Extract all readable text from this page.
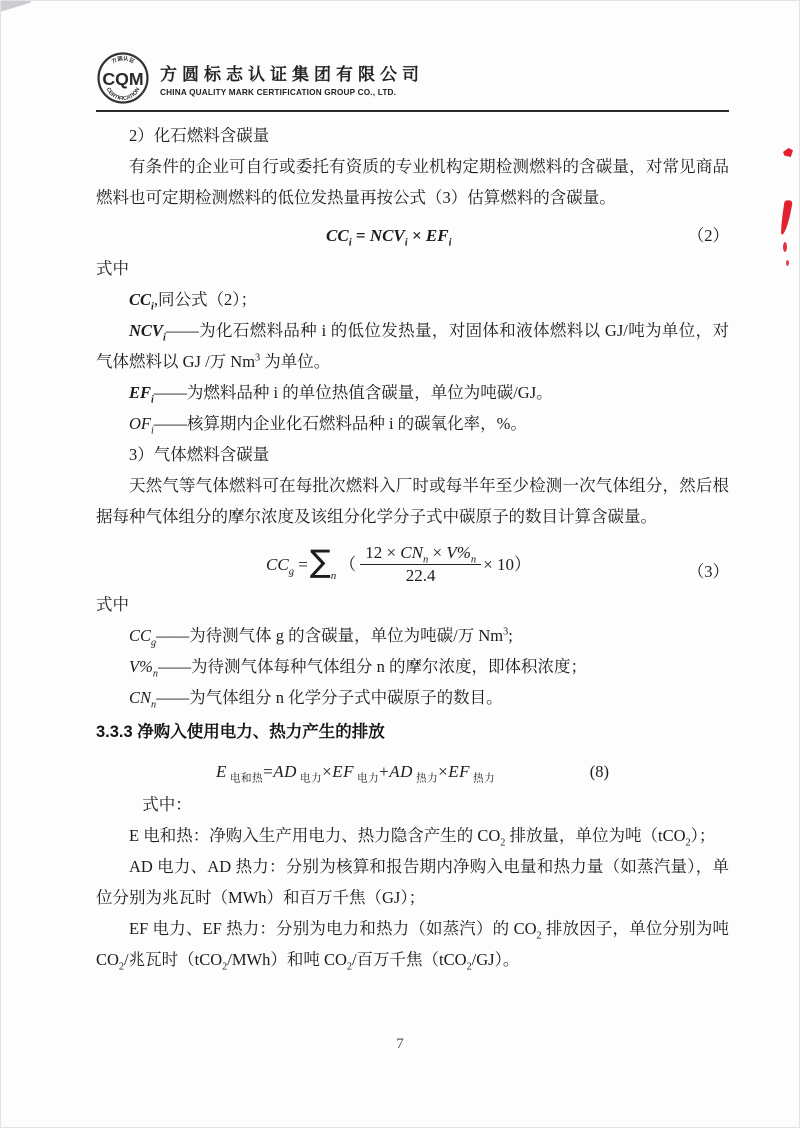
方圆认证
CQM
CERTIFICATION
方圆标志认证集团有限公司
CHINA QUALITY MARK CERTIFICATION GROUP CO., LTD.

2）化石燃料含碳量

有条件的企业可自行或委托有资质的专业机构定期检测燃料的含碳量，对常见商品燃料也可定期检测燃料的低位发热量再按公式（3）估算燃料的含碳量。

$CC_i = NCV_i \times EF_i$	（2）

式中

$CC_i$,同公式（2）；

$NCV_i——$为化石燃料品种 i 的低位发热量，对固体和液体燃料以 GJ/吨为单位，对气体燃料以 GJ /万 Nm$^3$ 为单位。

$EF_i——$为燃料品种 i 的单位热值含碳量，单位为吨碳/GJ。

$OF_i——$核算期内企业化石燃料品种 i 的碳氧化率，%。

3）气体燃料含碳量

天然气等气体燃料可在每批次燃料入厂时或每半年至少检测一次气体组分，然后根据每种气体组分的摩尔浓度及该组分化学分子式中碳原子的数目计算含碳量。

$CC_g$ = ∑ n
（ $\frac{12 \times CN_n \times V\%_n}{22.4} \times 10$）	（3）

式中

$CC_g——$为待测气体 g 的含碳量，单位为吨碳/万 Nm$^3$;

$V\%_n——$为待测气体每种气体组分 n 的摩尔浓度，即体积浓度；

$CN_n——$为气体组分 n 化学分子式中碳原子的数目。

3.3.3 净购入使用电力、热力产生的排放

E $_{电和热}$=AD $_{电力}$×EF $_{电力}$+AD $_{热力}$×EF $_{热力}$	(8)

式中：

E 电和热：净购入生产用电力、热力隐含产生的 $CO_2$ 排放量，单位为吨（tCO$_2$）；

AD 电力、AD 热力：分别为核算和报告期内净购入电量和热力量（如蒸汽量），单位分别为兆瓦时（MWh）和百万千焦（GJ）；

EF 电力、EF 热力：分别为电力和热力（如蒸汽）的 $CO_2$ 排放因子，单位分别为吨 $CO_2/$兆瓦时（tCO$_2$/MWh）和吨 $CO_2/$百万千焦（tCO$_2$/GJ）。

7
